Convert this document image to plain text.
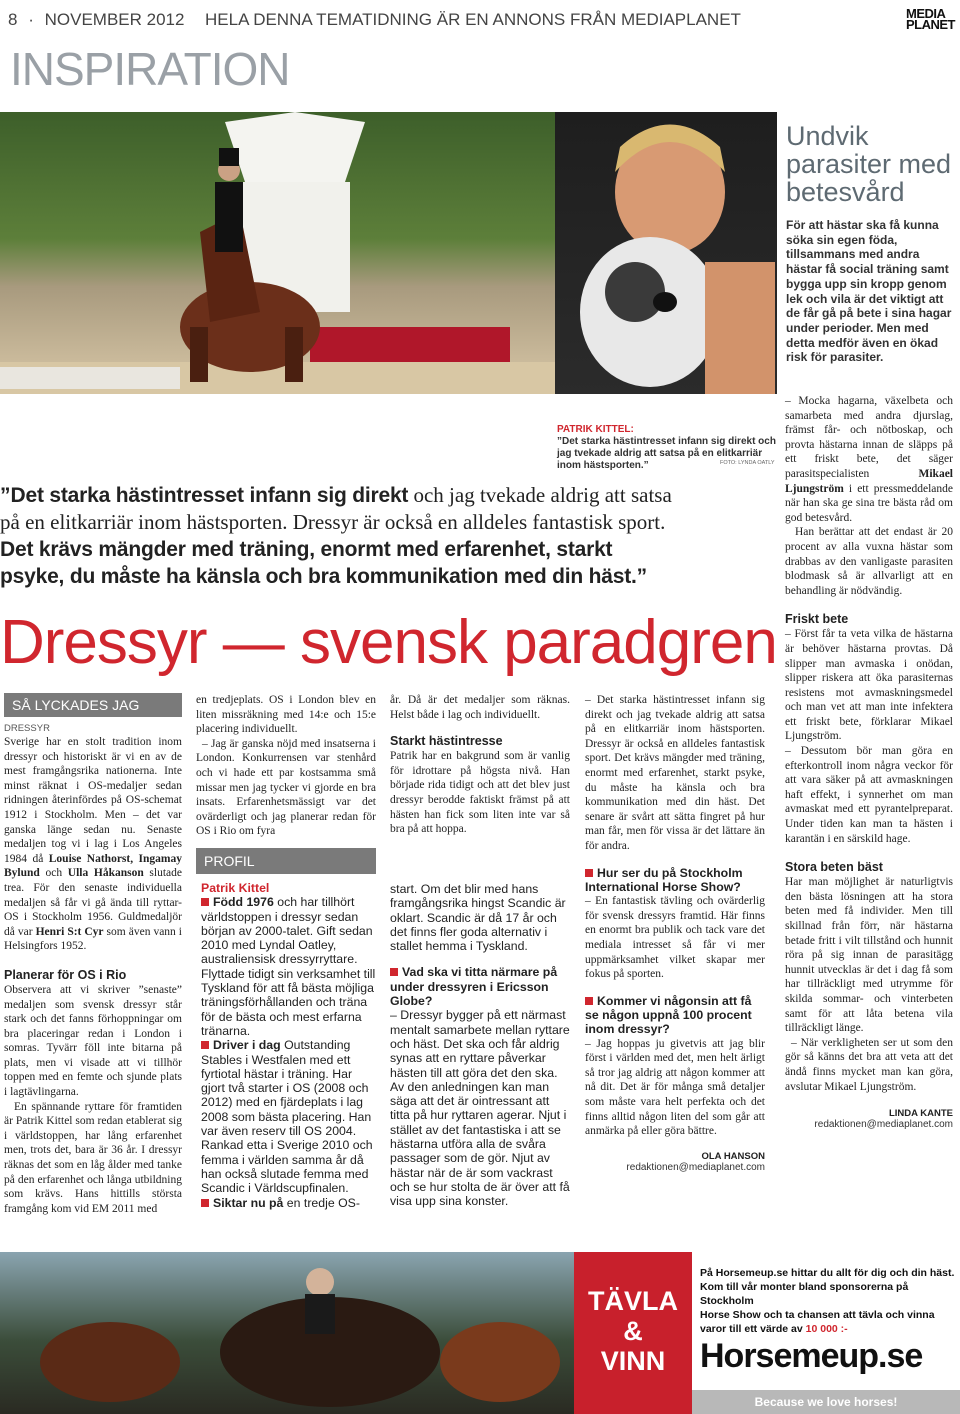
8 · NOVEMBER 2012 HELA DENNA TEMATIDNING ÄR EN ANNONS FRÅN MEDIAPLANET	MEDIA
PLANET
INSPIRATION
Undvik parasiter med betesvård
För att hästar ska få kunna söka sin egen föda, tillsammans med andra hästar få social träning samt bygga upp sin kropp genom lek och vila är det viktigt att de får gå på bete i sina hagar under perioder. Men med detta medför även en ökad risk för parasiter.
PATRIK KITTEL:
”Det starka hästintresset infann sig direkt och jag tvekade aldrig att satsa på en elitkarriär inom hästsporten.”	FOTO: LYNDA OATLY
”Det starka hästintresset infann sig direkt och jag tvekade aldrig att satsa
på en elitkarriär inom hästsporten. Dressyr är också en alldeles fantastisk sport.
Det krävs mängder med träning, enormt med erfarenhet, starkt
psyke, du måste ha känsla och bra kommunikation med din häst.”
Dressyr — svensk paradgren
SÅ LYCKADES JAG
DRESSYR
Sverige har en stolt tradition inom dressyr och historiskt är vi en av de mest framgångsrika nationerna. Inte minst räknat i OS-medaljer sedan ridningen återinfördes på OS-schemat 1912 i Stockholm. Men – det var ganska länge sedan nu. Senaste medaljen tog vi i lag i Los Angeles 1984 då Louise Nathorst, Ingamay Bylund och Ulla Håkanson slutade trea. För den senaste individuella medaljen så får vi gå ända till ryttar-OS i Stockholm 1956. Guldmedaljör då var Henri S:t Cyr som även vann i Helsingfors 1952.
Planerar för OS i Rio
Observera att vi skriver ”senaste” medaljen som svensk dressyr står stark och det fanns förhoppningar om bra placeringar redan i London i somras. Tyvärr föll inte bitarna på plats, men vi visade att vi tillhör toppen med en femte och sjunde plats i lagtävlingarna.
En spännande ryttare för framtiden är Patrik Kittel som redan etablerat sig i världstoppen, har lång erfarenhet men, trots det, bara är 36 år. I dressyr räknas det som en låg ålder med tanke på den erfarenhet och långa utbildning som krävs. Hans hittills största framgång kom vid EM 2011 med
en tredjeplats. OS i London blev en liten missräkning med 14:e och 15:e placering individuellt.
– Jag är ganska nöjd med insatserna i London. Konkurrensen var stenhård och vi hade ett par kostsamma små missar men jag tycker vi gjorde en bra insats. Erfarenhetsmässigt var det ovärderligt och jag planerar redan för OS i Rio om fyra
PROFIL
Patrik Kittel
Född 1976 och har tillhört världstoppen i dressyr sedan början av 2000-talet. Gift sedan 2010 med Lyndal Oatley, australiensisk dressyrryttare. Flyttade tidigt sin verksamhet till Tyskland för att få bästa möjliga träningsförhållanden och träna för de bästa och mest erfarna tränarna.
Driver i dag Outstanding Stables i Westfalen med ett fyrtiotal hästar i träning. Har gjort två starter i OS (2008 och 2012) med en fjärdeplats i lag 2008 som bästa placering. Han var även reserv till OS 2004. Rankad etta i Sverige 2010 och femma i världen samma år då han också slutade femma med Scandic i Världscupfinalen.
Siktar nu på en tredje OS-
år. Då är det medaljer som räknas. Helst både i lag och individuellt.
Starkt hästintresse
Patrik har en bakgrund som är vanlig för idrottare på högsta nivå. Han började rida tidigt och att det blev just dressyr berodde faktiskt främst på att hästen han fick som liten inte var så bra på att hoppa.
start. Om det blir med hans framgångsrika hingst Scandic är oklart. Scandic är då 17 år och det finns fler goda alternativ i stallet hemma i Tyskland.
Vad ska vi titta närmare på under dressyren i Ericsson Globe?
– Dressyr bygger på ett närmast mentalt samarbete mellan ryttare och häst. Det ska och får aldrig synas att en ryttare påverkar hästen till att göra det den ska. Av den anledningen kan man säga att det är ointressant att titta på hur ryttaren agerar. Njut i stället av det fantastiska i att se hästarna utföra alla de svåra passager som de gör. Njut av hästar när de är som vackrast och se hur stolta de är över att få visa upp sina konster.
– Det starka hästintresset infann sig direkt och jag tvekade aldrig att satsa på en elitkarriär inom hästsporten. Dressyr är också en alldeles fantastisk sport. Det krävs mängder med träning, enormt med erfarenhet, starkt psyke, du måste ha känsla och bra kommunikation med din häst. Det senare är svårt att sätta fingret på hur man får, men för vissa är det lättare än för andra.
Hur ser du på Stockholm International Horse Show?
– En fantastisk tävling och ovärderlig för svensk dressyrs framtid. Här finns en enormt bra publik och tack vare det mediala intresset så får vi mer uppmärksamhet vilket skapar mer fokus på sporten.
Kommer vi någonsin att få se någon uppnå 100 procent inom dressyr?
– Jag hoppas ju givetvis att jag blir först i världen med det, men helt ärligt så tror jag aldrig att någon kommer att nå dit. Det är för många små detaljer som måste vara helt perfekta och det finns alltid någon liten del som går att anmärka på eller göra bättre.
OLA HANSON
redaktionen@mediaplanet.com
– Mocka hagarna, växelbeta och samarbeta med andra djurslag, främst får- och nötboskap, och provta hästarna innan de släpps på ett friskt bete, det säger parasitspecialisten Mikael Ljungström i ett pressmeddelande när han ska ge sina tre bästa råd om god betesvård.
Han berättar att det endast är 20 procent av alla vuxna hästar som drabbas av den vanligaste parasiten blodmask så är allvarligt att en behandling är nödvändig.
Friskt bete
– Först får ta veta vilka de hästarna är behöver hästarna provtas. Då slipper man avmaska i onödan, slipper riskera att öka parasiternas resistens mot avmaskningsmedel och man vet att man inte infektera ett friskt bete, förklarar Mikael Ljungström.
– Dessutom bör man göra en efterkontroll inom några veckor för att vara säker på att avmaskningen haft effekt, i synnerhet om man avmaskat med ett pyrantelpreparat. Under tiden kan man ta hästen i karantän i en särskild hage.
Stora beten bäst
Har man möjlighet är naturligtvis den bästa lösningen att ha stora beten med få individer. Men till skillnad från förr, när hästarna betade fritt i vilt tillstånd och hunnit röra på sig innan de parasitägg hunnit utvecklas är det i dag få som har tillräckligt med utrymme för skilda sommar- och vinterbeten samt för att låta betena vila tillräckligt länge.
– När verkligheten ser ut som den gör så känns det bra att veta att det ändå finns mycket man kan göra, avslutar Mikael Ljungström.
LINDA KANTE
redaktionen@mediaplanet.com
TÄVLA
&
VINN
På Horsemeup.se hittar du allt för dig och din häst.
Kom till vår monter bland sponsorerna på Stockholm
Horse Show och ta chansen att tävla och vinna
varor till ett värde av 10 000 :-
Horsemeup.se
Because we love horses!
